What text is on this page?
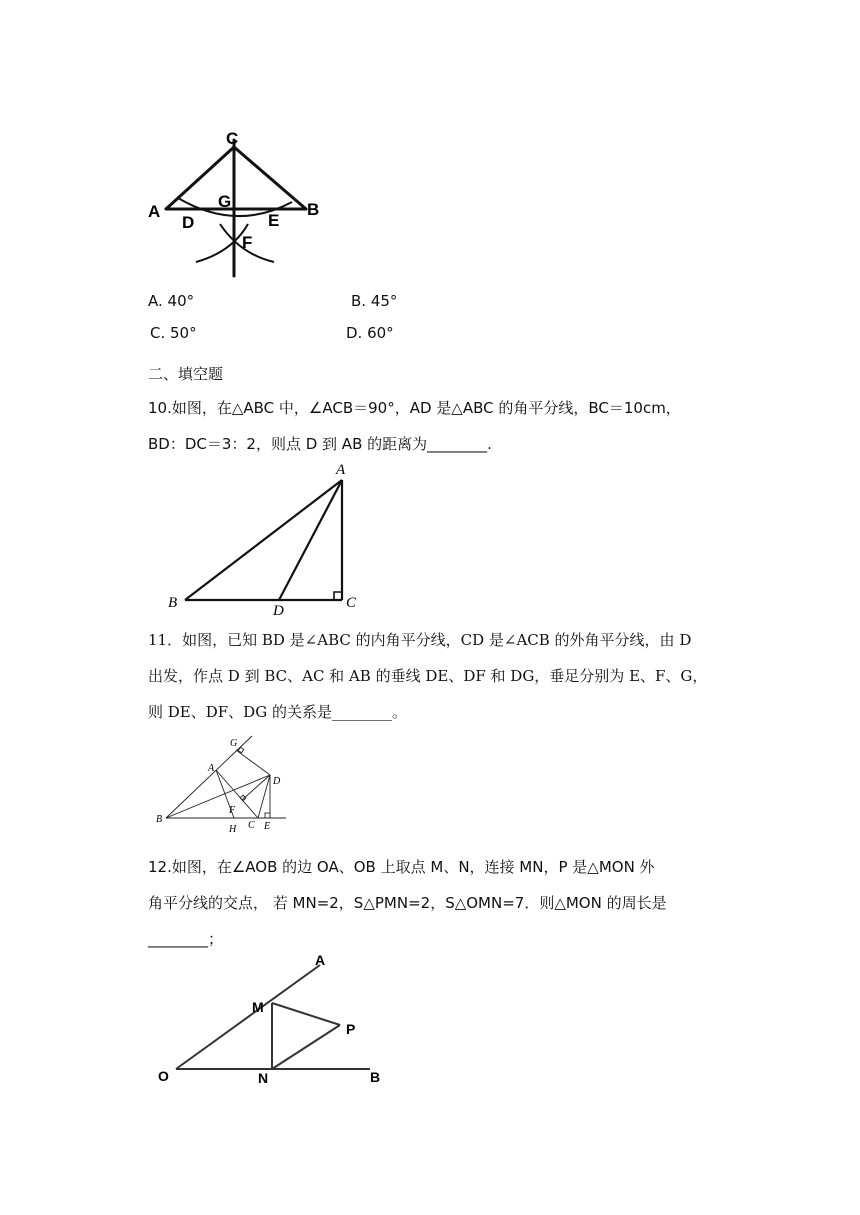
C
A	B
G
D	E
F
A. 40°	B. 45°
C. 50°	D. 60°
二、填空题
10.如图，在△ABC 中，∠ACB＝90°，AD 是△ABC 的角平分线，BC＝10cm，
BD：DC＝3：2，则点 D 到 AB 的距离为________.
A
B	C
D
11．如图，已知 BD 是∠ABC 的内角平分线，CD 是∠ACB 的外角平分线，由 D
出发，作点 D 到 BC、AC 和 AB 的垂线 DE、DF 和 DG，垂足分别为 E、F、G，
则 DE、DF、DG 的关系是________。
G
A
D
F
B
C
H	E
12.如图，在∠AOB 的边 OA、OB 上取点 M、N，连接 MN，P 是△MON 外
角平分线的交点， 若 MN=2，S△PMN=2，S△OMN=7．则△MON 的周长是
________；
A
M
P
O	N	B
